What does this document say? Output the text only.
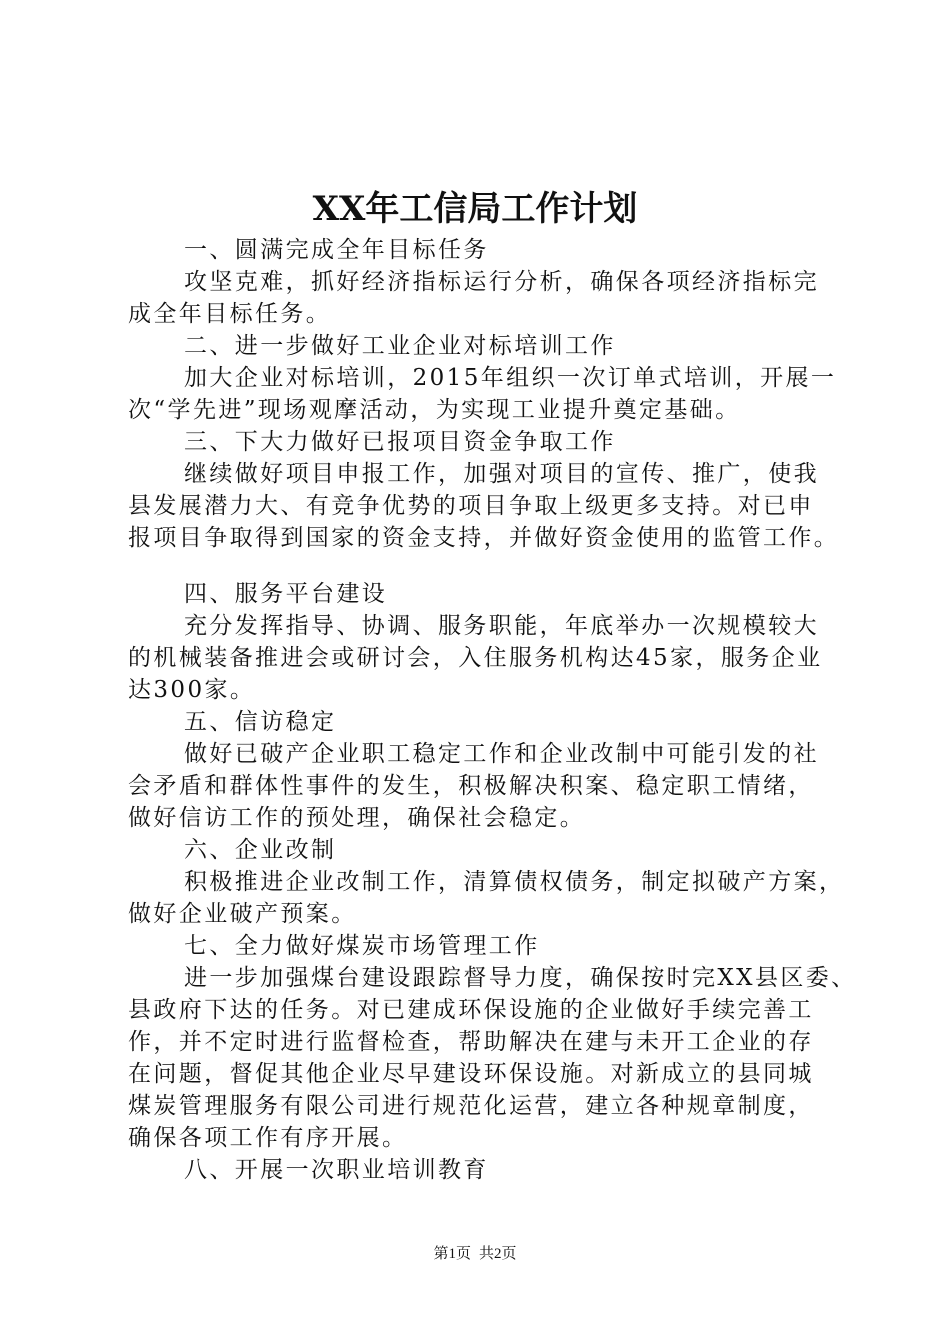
XX年工信局工作计划
一、圆满完成全年目标任务
攻坚克难，抓好经济指标运行分析，确保各项经济指标完
成全年目标任务。
二、进一步做好工业企业对标培训工作
加大企业对标培训，2015年组织一次订单式培训，开展一
次“学先进”现场观摩活动，为实现工业提升奠定基础。
三、下大力做好已报项目资金争取工作
继续做好项目申报工作，加强对项目的宣传、推广，使我
县发展潜力大、有竞争优势的项目争取上级更多支持。对已申
报项目争取得到国家的资金支持，并做好资金使用的监管工作。
四、服务平台建设
充分发挥指导、协调、服务职能，年底举办一次规模较大
的机械装备推进会或研讨会，入住服务机构达45家，服务企业
达300家。
五、信访稳定
做好已破产企业职工稳定工作和企业改制中可能引发的社
会矛盾和群体性事件的发生，积极解决积案、稳定职工情绪，
做好信访工作的预处理，确保社会稳定。
六、企业改制
积极推进企业改制工作，清算债权债务，制定拟破产方案，
做好企业破产预案。
七、全力做好煤炭市场管理工作
进一步加强煤台建设跟踪督导力度，确保按时完XX县区委、
县政府下达的任务。对已建成环保设施的企业做好手续完善工
作，并不定时进行监督检查，帮助解决在建与未开工企业的存
在问题，督促其他企业尽早建设环保设施。对新成立的县同城
煤炭管理服务有限公司进行规范化运营，建立各种规章制度，
确保各项工作有序开展。
八、开展一次职业培训教育
第1页 共2页
